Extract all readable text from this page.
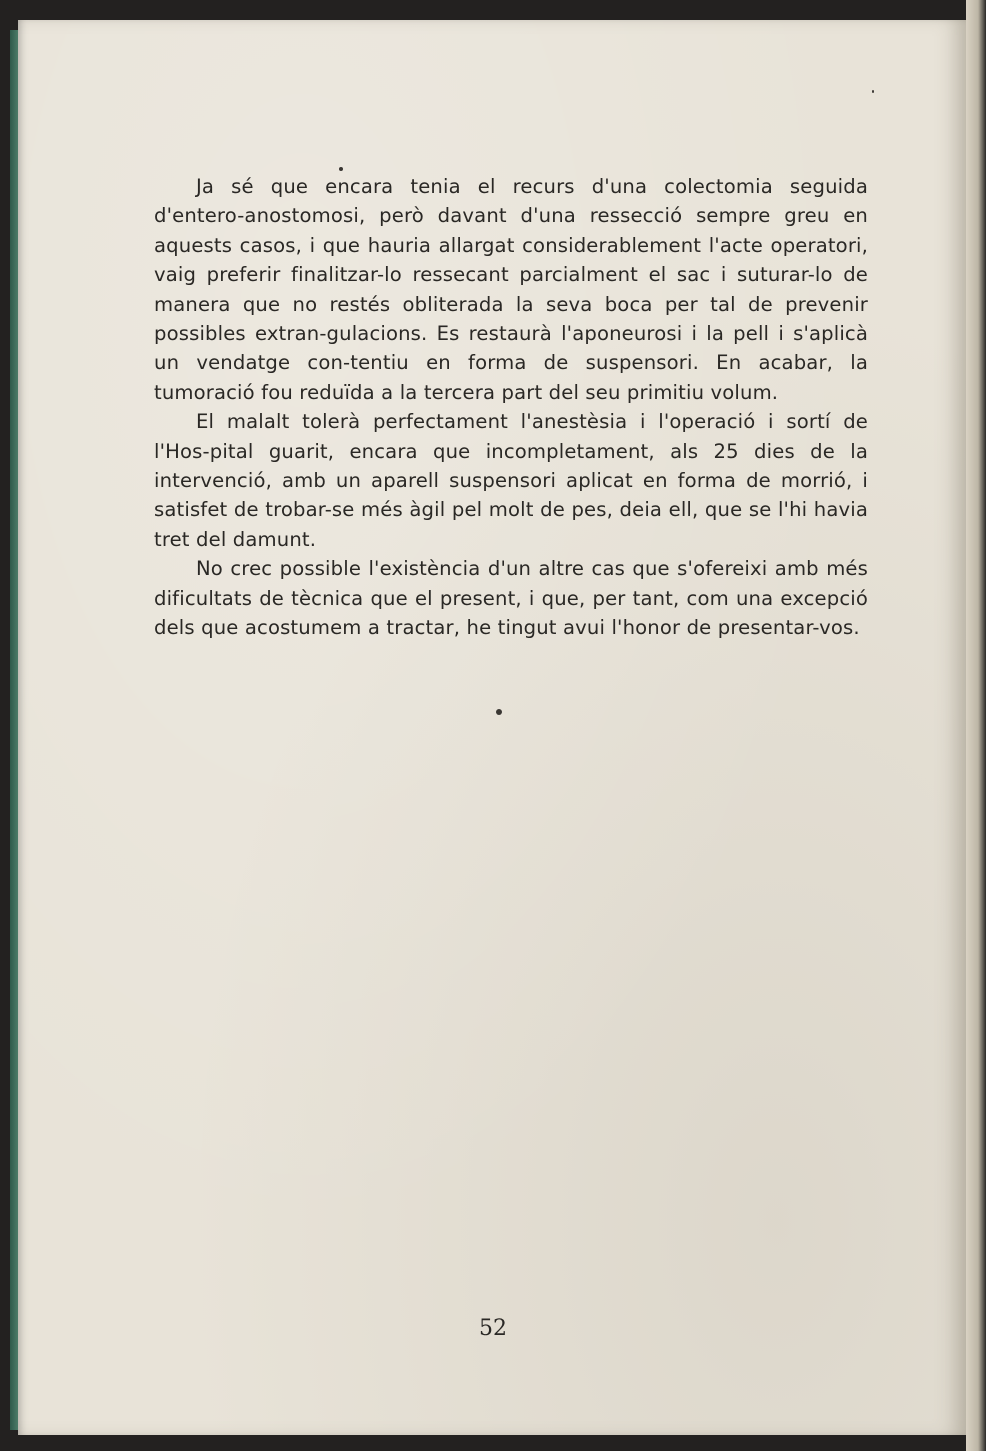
Ja sé que encara tenia el recurs d'una colectomia seguida d'entero-anostomosi, però davant d'una ressecció sempre greu en aquests casos, i que hauria allargat considerablement l'acte operatori, vaig preferir finalitzar-lo ressecant parcialment el sac i suturar-lo de manera que no restés obliterada la seva boca per tal de prevenir possibles extran-gulacions. Es restaurà l'aponeurosi i la pell i s'aplicà un vendatge con-tentiu en forma de suspensori. En acabar, la tumoració fou reduïda a la tercera part del seu primitiu volum.

El malalt tolerà perfectament l'anestèsia i l'operació i sortí de l'Hos-pital guarit, encara que incompletament, als 25 dies de la intervenció, amb un aparell suspensori aplicat en forma de morrió, i satisfet de trobar-se més àgil pel molt de pes, deia ell, que se l'hi havia tret del damunt.

No crec possible l'existència d'un altre cas que s'ofereixi amb més dificultats de tècnica que el present, i que, per tant, com una excepció dels que acostumem a tractar, he tingut avui l'honor de presentar-vos.

52
